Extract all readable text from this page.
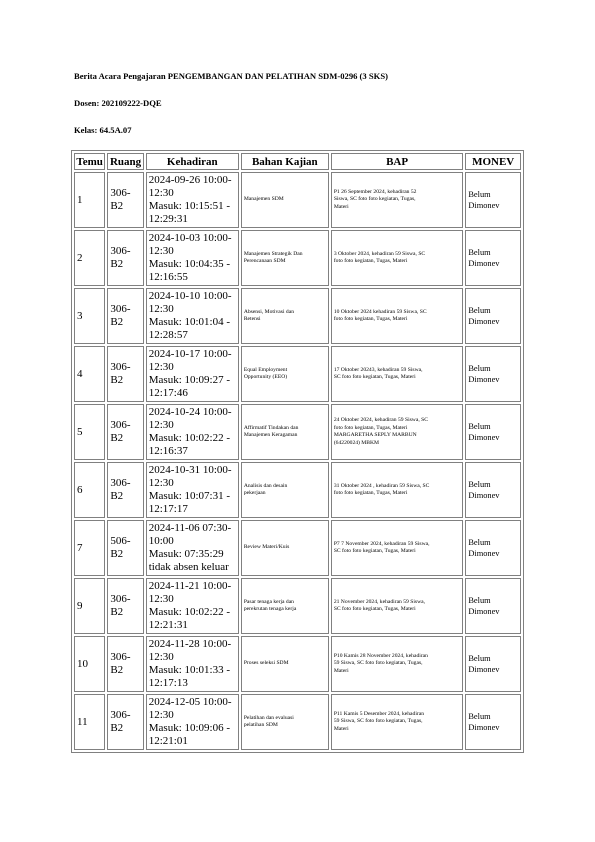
Berita Acara Pengajaran PENGEMBANGAN DAN PELATIHAN SDM-0296 (3 SKS)
Dosen: 202109222-DQE
Kelas: 64.5A.07
Temu	Ruang	Kehadiran	Bahan Kajian	BAP	MONEV
1	306-
B2	2024-09-26 10:00-
12:30
Masuk: 10:15:51 -
12:29:31	Manajemen SDM	P1 26 September 2024, kehadiran 52
Siswa, SC foto foto kegiatan, Tugas,
Materi	Belum
Dimonev

2	306-
B2	2024-10-03 10:00-
12:30
Masuk: 10:04:35 -
12:16:55	Manajemen Strategik Dan
Perencanaan SDM	3 Oktober 2024, kehadiran 59 Siswa, SC
foto foto kegiatan, Tugas, Materi	Belum
Dimonev

3	306-
B2	2024-10-10 10:00-
12:30
Masuk: 10:01:04 -
12:28:57	Absensi, Motivasi dan
Retensi	10 Oktober 2024 kehadiran 59 Siswa, SC
foto foto kegiatan, Tugas, Materi	Belum
Dimonev

4	306-
B2	2024-10-17 10:00-
12:30
Masuk: 10:09:27 -
12:17:46	Equal Employment
Opportunity (EEO)	17 Oktober 20243, kehadiran 59 Siswa,
SC foto foto kegiatan, Tugas, Materi	Belum
Dimonev

5	306-
B2	2024-10-24 10:00-
12:30
Masuk: 10:02:22 -
12:16:37	Affirmatif Tindakan dan
Manajemen Keragaman	24 Oktober 2024, kehadiran 59 Siswa, SC
foto foto kegiatan, Tugas, Materi
MARGARETHA SEPLY MARBUN
(64220024) MBKM	Belum
Dimonev

6	306-
B2	2024-10-31 10:00-
12:30
Masuk: 10:07:31 -
12:17:17	Analisis dan desain
pekerjaan	31 Oktober 2024 , kehadiran 59 Siswa, SC
foto foto kegiatan, Tugas, Materi	Belum
Dimonev

7	506-
B2	2024-11-06 07:30-
10:00
Masuk: 07:35:29
tidak absen keluar	Review Materi/Kuis	P7 7 November 2024, kehadiran 59 Siswa,
SC foto foto kegiatan, Tugas, Materi	Belum
Dimonev

9	306-
B2	2024-11-21 10:00-
12:30
Masuk: 10:02:22 -
12:21:31	Pasar tenaga kerja dan
perekrutan tenaga kerja	21 November 2024, kehadiran 59 Siswa,
SC foto foto kegiatan, Tugas, Materi	Belum
Dimonev

10	306-
B2	2024-11-28 10:00-
12:30
Masuk: 10:01:33 -
12:17:13	Proses seleksi SDM	P10 Kamis 28 November 2024, kehadiran
59 Siswa, SC foto foto kegiatan, Tugas,
Materi	Belum
Dimonev

11	306-
B2	2024-12-05 10:00-
12:30
Masuk: 10:09:06 -
12:21:01	Pelatihan dan evaluasi
pelatihan SDM	P11 Kamis 5 Desember 2024, kehadiran
59 Siswa, SC foto foto kegiatan, Tugas,
Materi	Belum
Dimonev
